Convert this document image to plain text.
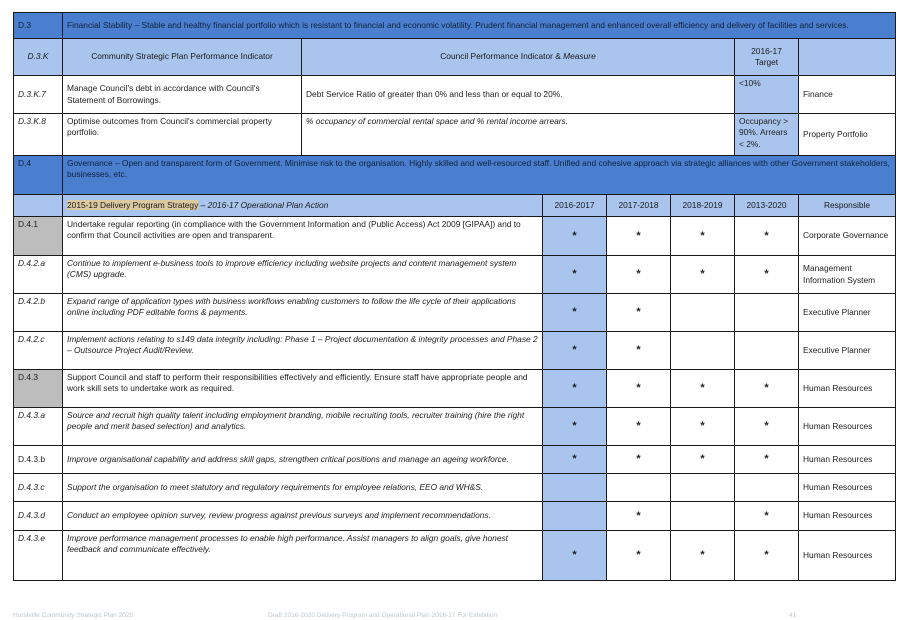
D.3	Financial Stability – Stable and healthy financial portfolio which is resistant to financial and economic volatility. Prudent financial management and enhanced overall efficiency and delivery of facilities and services.						
D.3.K	Community Strategic Plan Performance Indicator	Council Performance Indicator & Measure				2016-17 Target	
D.3.K.7	Manage Council's debt in accordance with Council's Statement of Borrowings.	Debt Service Ratio of greater than 0% and less than or equal to 20%.				<10%	Finance
D.3.K.8	Optimise outcomes from Council's commercial property portfolio.	% occupancy of commercial rental space and % rental income arrears.				Occupancy > 90%. Arrears < 2%.	Property Portfolio
D.4	Governance – Open and transparent form of Government. Minimise risk to the organisation. Highly skilled and well-resourced staff. Unified and cohesive approach via strategic alliances with other Government stakeholders, businesses, etc.						
	2015-19 Delivery Program Strategy – 2016-17 Operational Plan Action		2016-2017	2017-2018	2018-2019	2013-2020	Responsible
D.4.1	Undertake regular reporting (in compliance with the Government Information and (Public Access) Act 2009 [GIPAA]) and to confirm that Council activities are open and transparent.		*	*	*	*	Corporate Governance
D.4.2.a	Continue to implement e-business tools to improve efficiency including website projects and content management system (CMS) upgrade.		*	*	*	*	Management Information System
D.4.2.b	Expand range of application types with business workflows enabling customers to follow the life cycle of their applications online including PDF editable forms & payments.		*	*			Executive Planner
D.4.2.c	Implement actions relating to s149 data integrity including: Phase 1 – Project documentation & integrity processes and Phase 2 – Outsource Project Audit/Review.		*	*			Executive Planner
D.4.3	Support Council and staff to perform their responsibilities effectively and efficiently. Ensure staff have appropriate people and work skill sets to undertake work as required.		*	*	*	*	Human Resources
D.4.3.a	Source and recruit high quality talent including employment branding, mobile recruiting tools, recruiter training (hire the right people and merit based selection) and analytics.		*	*	*	*	Human Resources
D.4.3.b	Improve organisational capability and address skill gaps, strengthen critical positions and manage an ageing workforce.		*	*	*	*	Human Resources
D.4.3.c	Support the organisation to meet statutory and regulatory requirements for employee relations, EEO and WH&S.						Human Resources
D.4.3.d	Conduct an employee opinion survey, review progress against previous surveys and implement recommendations.			*		*	Human Resources
D.4.3.e	Improve performance management processes to enable high performance. Assist managers to align goals, give honest feedback and communicate effectively.		*	*	*	*	Human Resources
Hurstville Community Strategic Plan 2025	Draft 2016-2020 Delivery Program and Operational Plan 2016-17 For Exhibition	41
